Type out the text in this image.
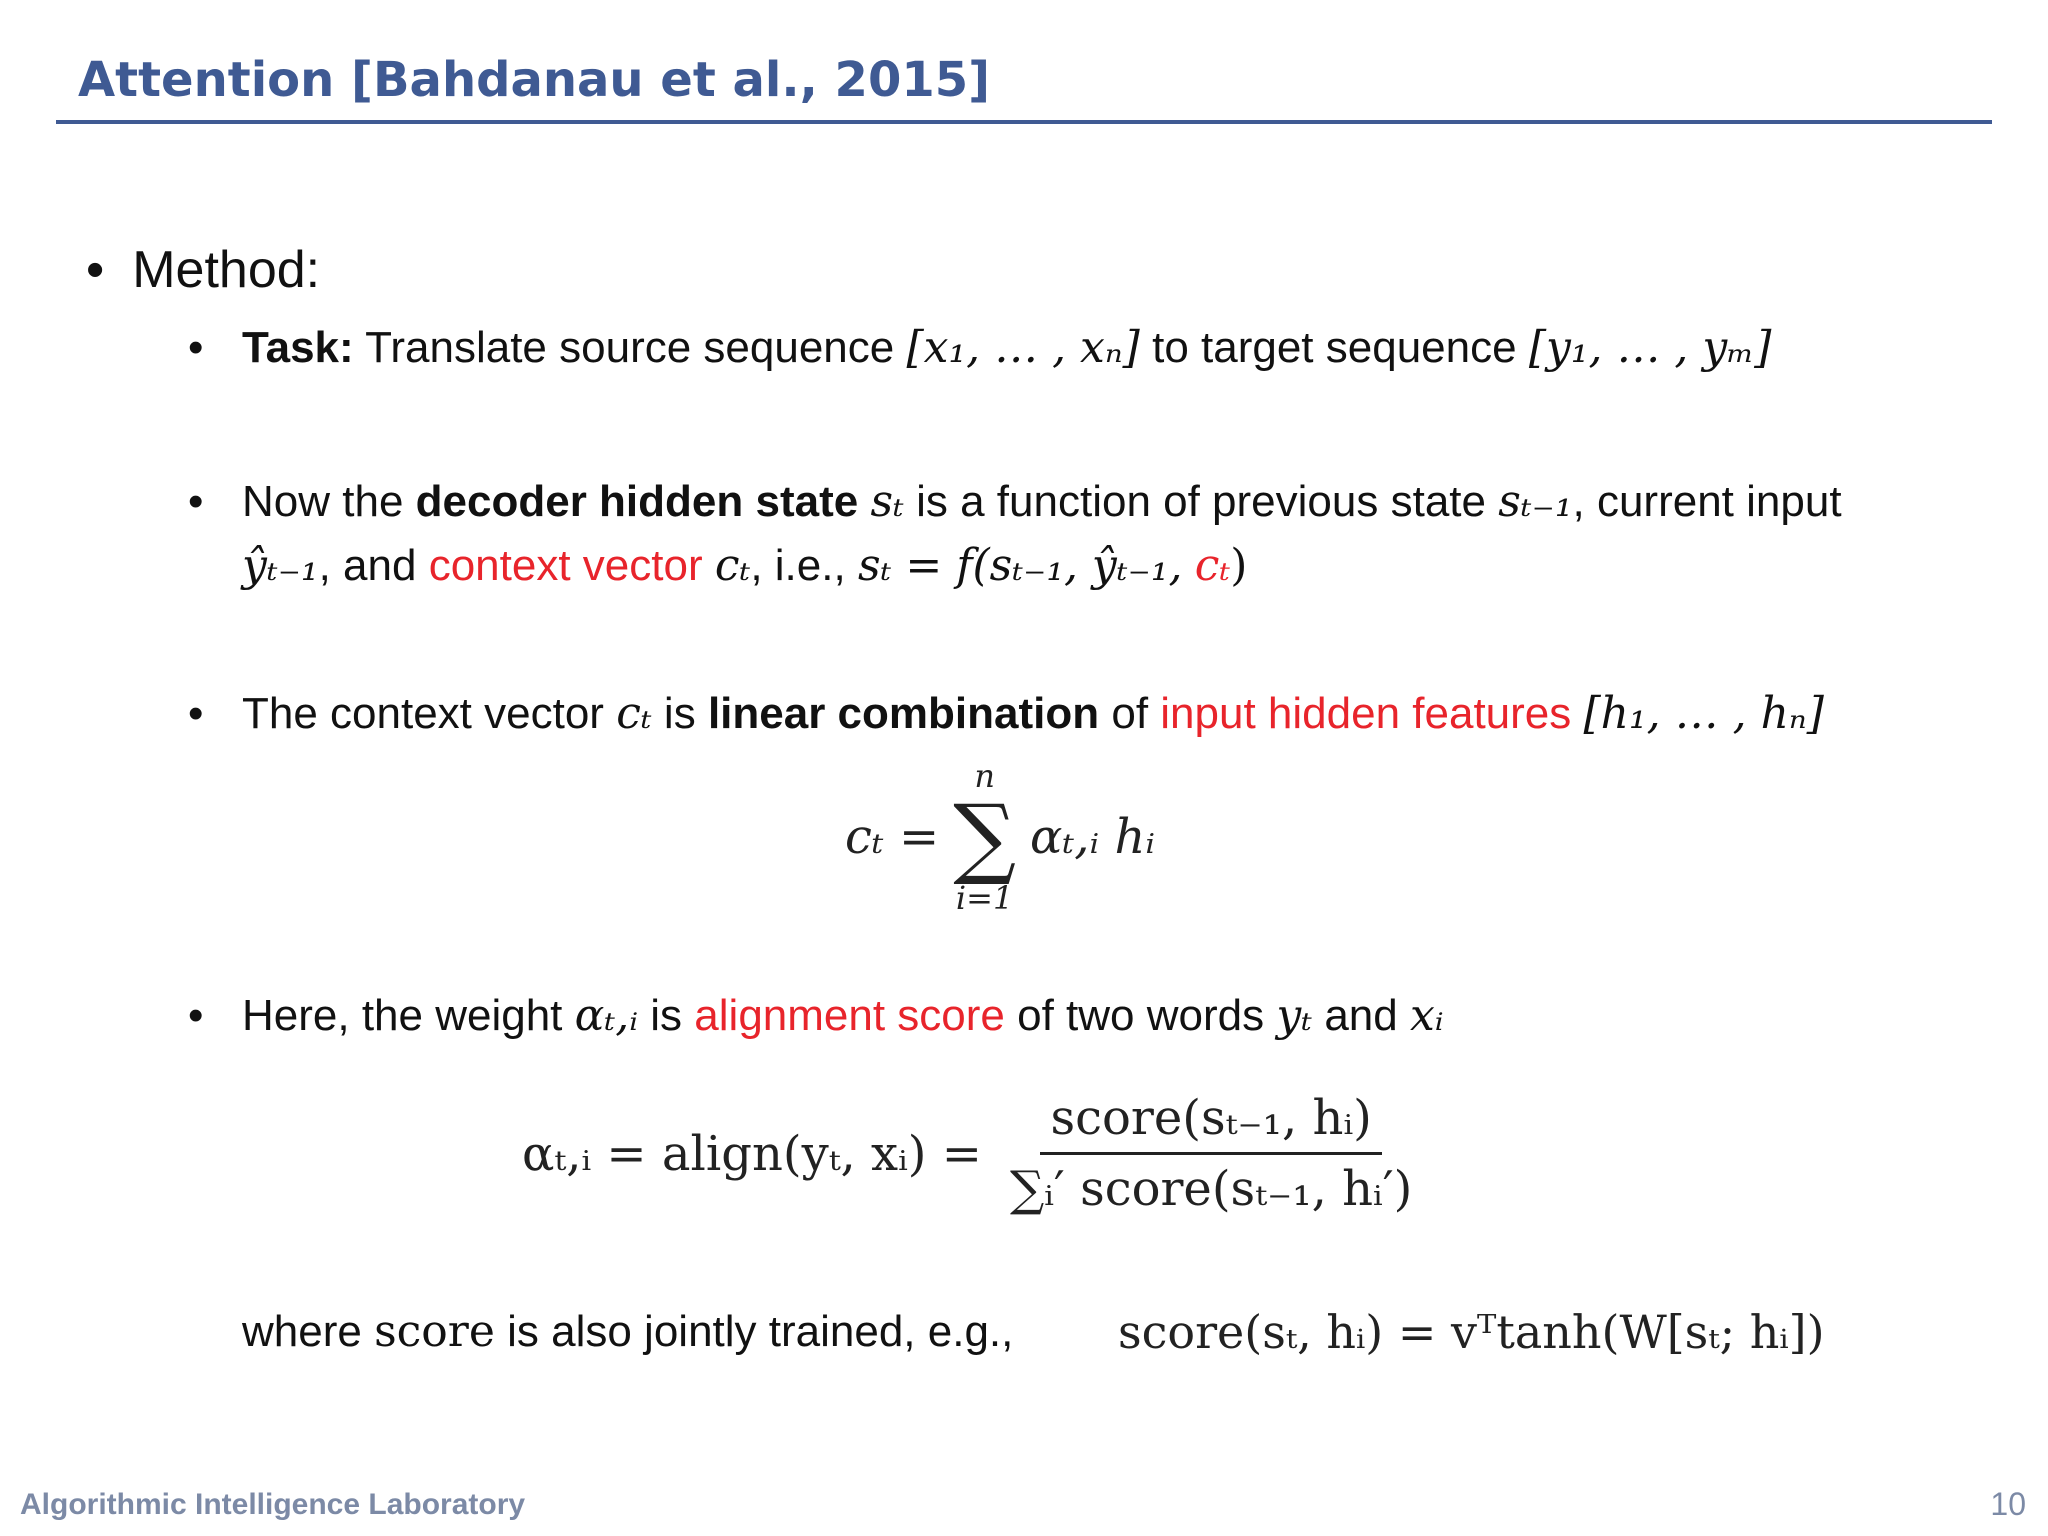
Attention [Bahdanau et al., 2015]
• Method:
• Task: Translate source sequence [x₁, … , xₙ] to target sequence [y₁, … , yₘ]
• Now the decoder hidden state sₜ is a function of previous state sₜ₋₁, current input
ŷₜ₋₁, and context vector cₜ, i.e., sₜ = f(sₜ₋₁, ŷₜ₋₁, cₜ)
• The context vector cₜ is linear combination of input hidden features [h₁, … , hₙ]
cₜ =
n
∑
i=1
αₜ,ᵢ hᵢ
• Here, the weight αₜ,ᵢ is alignment score of two words yₜ and xᵢ
αₜ,ᵢ = align(yₜ, xᵢ) = $\frac{\text{score(sₜ₋₁, hᵢ)}}{\text{∑ᵢ′ score(sₜ₋₁, hᵢ′)}}$
where score is also jointly trained, e.g., score(sₜ, hᵢ) = vᵀtanh(W[sₜ; hᵢ])
Algorithmic Intelligence Laboratory	10
